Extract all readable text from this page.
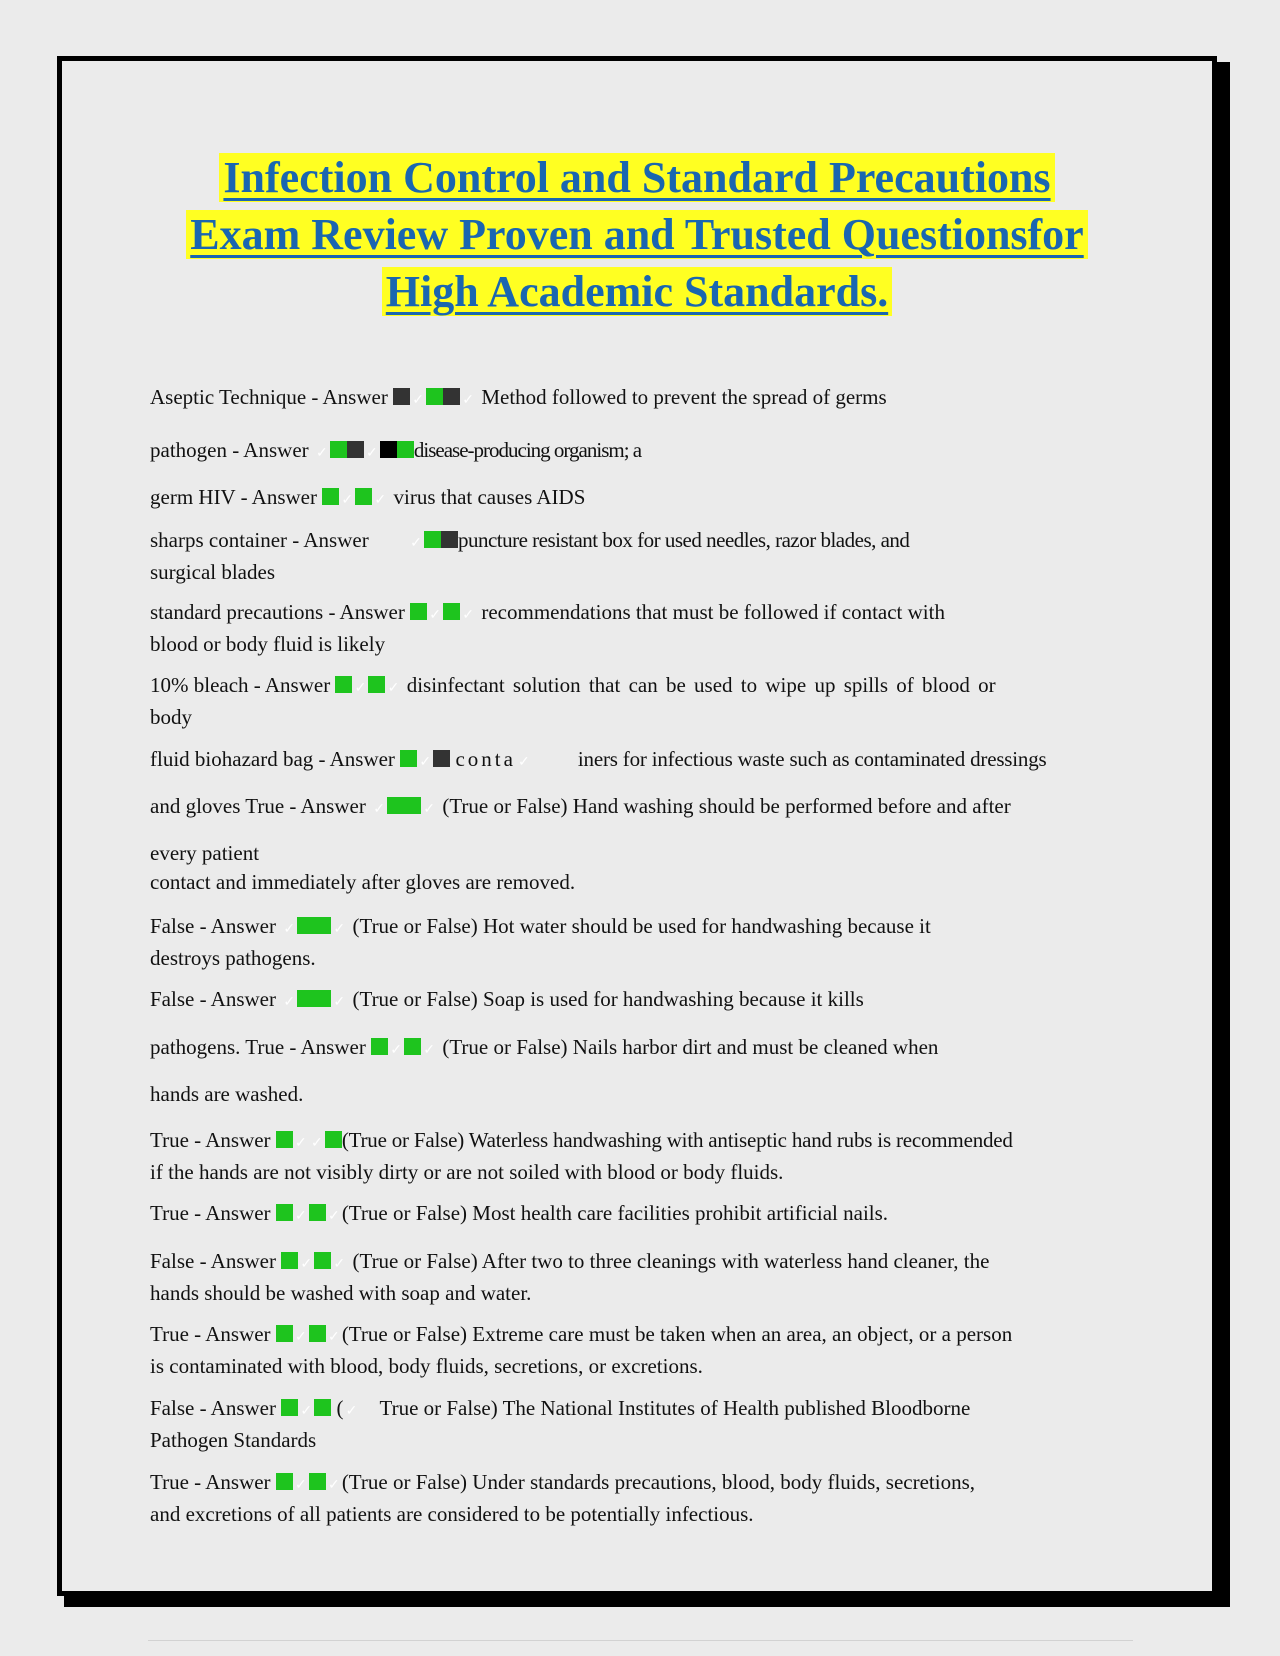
Infection Control and Standard Precautions
Exam Review Proven and Trusted Questionsfor
High Academic Standards.

Aseptic Technique - Answer ✓	✓ Method followed to prevent the spread of germs

pathogen - Answer ✓	✓ disease-producing organism; a

germ HIV - Answer ✓ ✓ virus that causes AIDS

sharps container - Answer	✓ puncture resistant box for used needles, razor blades, and
surgical blades

standard precautions - Answer ✓ ✓ recommendations that must be followed if contact with
blood or body fluid is likely

10% bleach - Answer ✓ ✓ disinfectant solution that can be used to wipe up spills of blood or
body

fluid biohazard bag - Answer ✓ conta ✓ iners for infectious waste such as contaminated dressings

and gloves True - Answer ✓	✓ (True or False) Hand washing should be performed before and after

every patient
contact and immediately after gloves are removed.

False - Answer ✓	✓ (True or False) Hot water should be used for handwashing because it
destroys pathogens.

False - Answer ✓	✓ (True or False) Soap is used for handwashing because it kills

pathogens. True - Answer ✓ ✓ (True or False) Nails harbor dirt and must be cleaned when

hands are washed.

True - Answer ✓ ✓ (True or False) Waterless handwashing with antiseptic hand rubs is recommended
if the hands are not visibly dirty or are not soiled with blood or body fluids.

True - Answer ✓ ✓ (True or False) Most health care facilities prohibit artificial nails.

False - Answer ✓ ✓ (True or False) After two to three cleanings with waterless hand cleaner, the
hands should be washed with soap and water.

True - Answer ✓ ✓ (True or False) Extreme care must be taken when an area, an object, or a person
is contaminated with blood, body fluids, secretions, or excretions.

False - Answer ✓ ( ✓ True or False) The National Institutes of Health published Bloodborne
Pathogen Standards

True - Answer ✓ ✓ (True or False) Under standards precautions, blood, body fluids, secretions,
and excretions of all patients are considered to be potentially infectious.
